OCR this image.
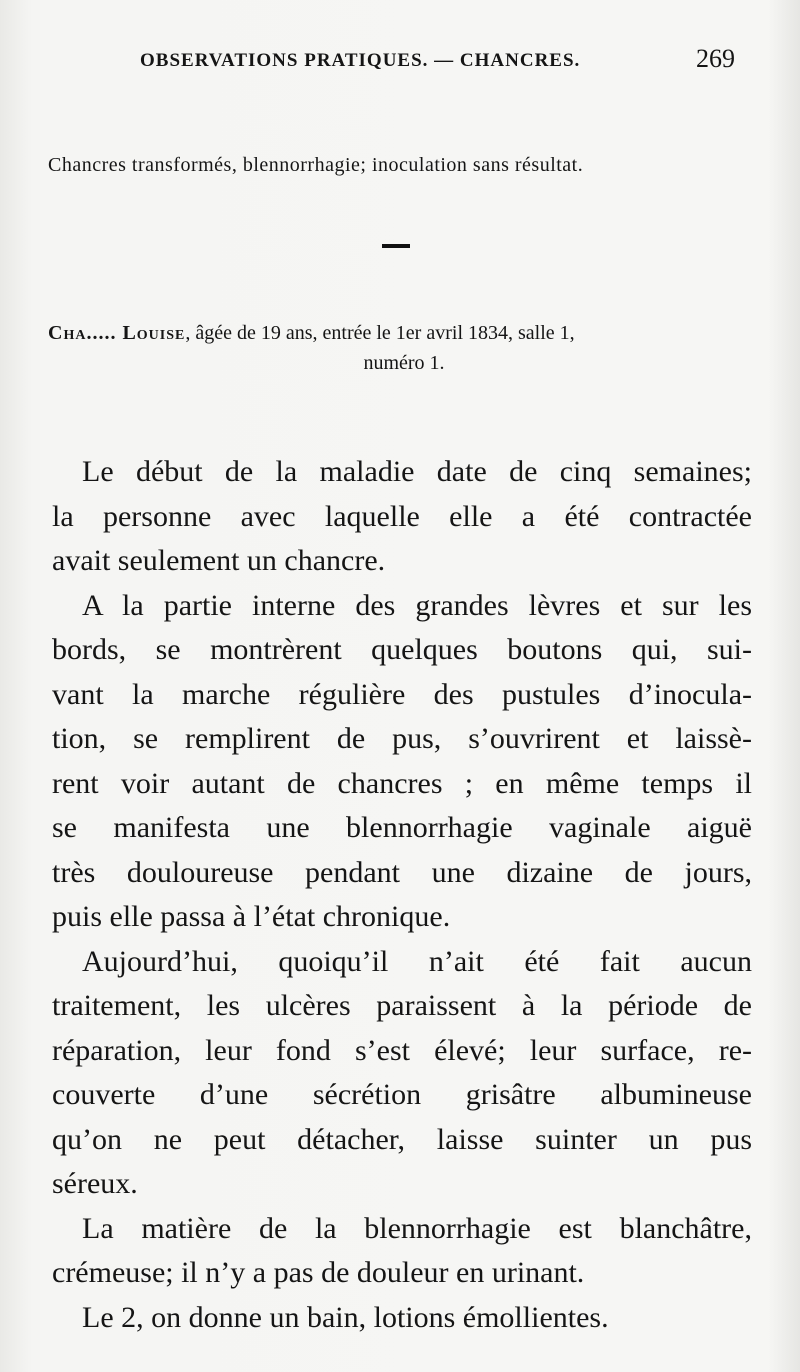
OBSERVATIONS PRATIQUES. — CHANCRES.	269
Chancres transformés, blennorrhagie; inoculation sans résultat.
Cha..... Louise, âgée de 19 ans, entrée le 1er avril 1834, salle 1,
numéro 1.
Le début de la maladie date de cinq semaines;
la personne avec laquelle elle a été contractée
avait seulement un chancre.
A la partie interne des grandes lèvres et sur les
bords, se montrèrent quelques boutons qui, sui-
vant la marche régulière des pustules d’inocula-
tion, se remplirent de pus, s’ouvrirent et laissè-
rent voir autant de chancres ; en même temps il
se manifesta une blennorrhagie vaginale aiguë
très douloureuse pendant une dizaine de jours,
puis elle passa à l’état chronique.
Aujourd’hui, quoiqu’il n’ait été fait aucun
traitement, les ulcères paraissent à la période de
réparation, leur fond s’est élevé; leur surface, re-
couverte d’une sécrétion grisâtre albumineuse
qu’on ne peut détacher, laisse suinter un pus
séreux.
La matière de la blennorrhagie est blanchâtre,
crémeuse; il n’y a pas de douleur en urinant.
Le 2, on donne un bain, lotions émollientes.
